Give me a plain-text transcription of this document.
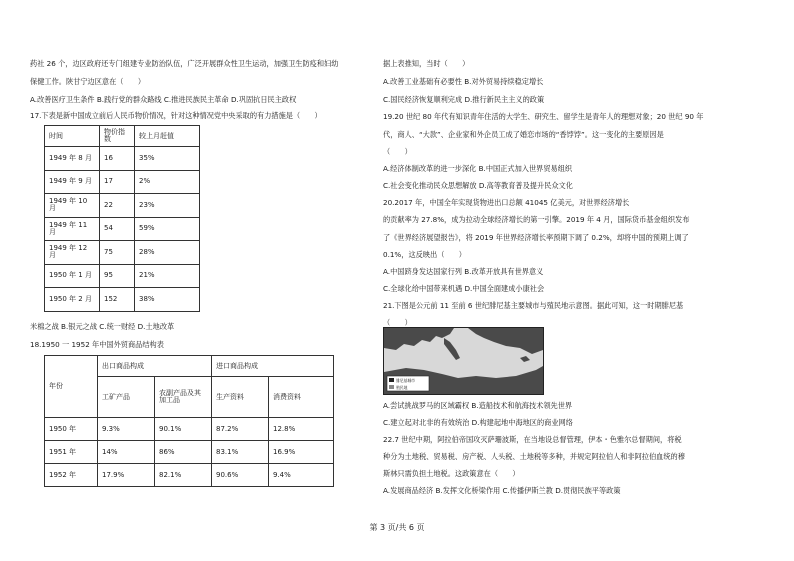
药社 26 个，边区政府还专门组建专业防治队伍，广泛开展群众性卫生运动，加强卫生防疫和妇幼
保健工作。陕甘宁边区意在（　　）
A.改善医疗卫生条件 B.践行党的群众路线 C.推进民族民主革命 D.巩固抗日民主政权
17.下表是新中国成立前后人民币物价情况，针对这种情况党中央采取的有力措施是（　　）
时间	物价指数	较上月赶值
1949 年 8 月	16	35%
1949 年 9 月	17	2%
1949 年 10 月	22	23%
1949 年 11 月	54	59%
1949 年 12 月	75	28%
1950 年 1 月	95	21%
1950 年 2 月	152	38%
米棉之战 B.银元之战 C.统一财经 D.土地改革
18.1950 一 1952 年中国外贸商品结构表
年份	出口商品构成		进口商品构成	
	工矿产品	农副产品及其加工品	生产资料	消费资料
1950 年	9.3%	90.1%	87.2%	12.8%
1951 年	14%	86%	83.1%	16.9%
1952 年	17.9%	82.1%	90.6%	9.4%
据上表推知，当时（　　）
A.改善工业基础有必要性 B.对外贸易持续稳定增长
C.国民经济恢复顺利完成 D.推行新民主主义的政策
19.20 世纪 80 年代有知识青年住活的大学生、研究生、留学生是青年人的理想对象；20 世纪 90 年
代，商人、“大款”、企业家和外企员工成了婚恋市场的“香饽饽”。这一变化的主要原因是
（　　）
A.经济体制改革的进一步深化 B.中国正式加入世界贸易组织
C.社会变化推动民众思想解放 D.高等教育普及提升民众文化
20.2017 年，中国全年实现货物进出口总额 41045 亿美元，对世界经济增长
的贡献率为 27.8%，成为拉动全球经济增长的第一引擎。2019 年 4 月，国际货币基金组织发布
了《世界经济展望报告》，将 2019 年世界经济增长率预期下调了 0.2%，却将中国的预期上调了
0.1%，这反映出（　　）
A.中国跻身发达国家行列 B.改革开放具有世界意义
C.全球化给中国带来机遇 D.中国全面建成小康社会
21.下图是公元前 11 至前 6 世纪腓尼基主要城市与殖民地示意图。据此可知，这一时期腓尼基
（　　）
A.尝试挑战罗马的区域霸权 B.造船技术和航海技术领先世界
C.建立起对北非的有效统治 D.构建起地中海地区的商业网络
22.7 世纪中期，阿拉伯帝国攻灭萨珊波斯，在当地设总督管理，伊本・色雅尔总督期间，将税
种分为土地税、贸易税、房产税、人头税、土地税等多种，并规定阿拉伯人和非阿拉伯血统的穆
斯林只需负担土地税。这政策意在（　　）
A.发展商品经济 B.发挥文化桥梁作用 C.传播伊斯兰教 D.贯彻民族平等政策
腓尼基城市
殖民地
第 3 页/共 6 页
